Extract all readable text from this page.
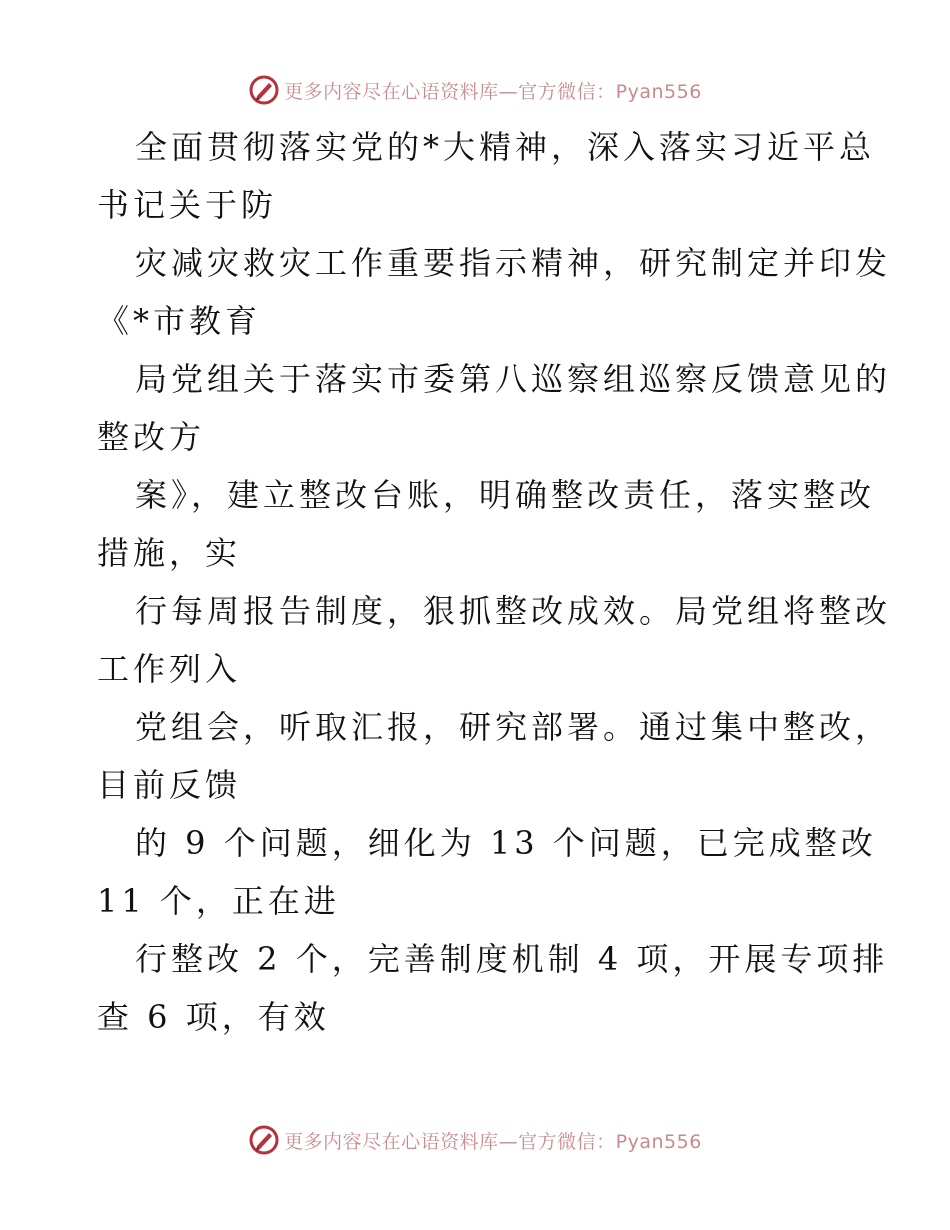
更多内容尽在心语资料库—官方微信：Pyan556
全面贯彻落实党的*大精神，深入落实习近平总
书记关于防
灾减灾救灾工作重要指示精神，研究制定并印发
《*市教育
局党组关于落实市委第八巡察组巡察反馈意见的
整改方
案》，建立整改台账，明确整改责任，落实整改
措施，实
行每周报告制度，狠抓整改成效。局党组将整改
工作列入
党组会，听取汇报，研究部署。通过集中整改，
目前反馈
的 9 个问题，细化为 13 个问题，已完成整改
11 个，正在进
行整改 2 个，完善制度机制 4 项，开展专项排
查 6 项，有效
更多内容尽在心语资料库—官方微信：Pyan556
